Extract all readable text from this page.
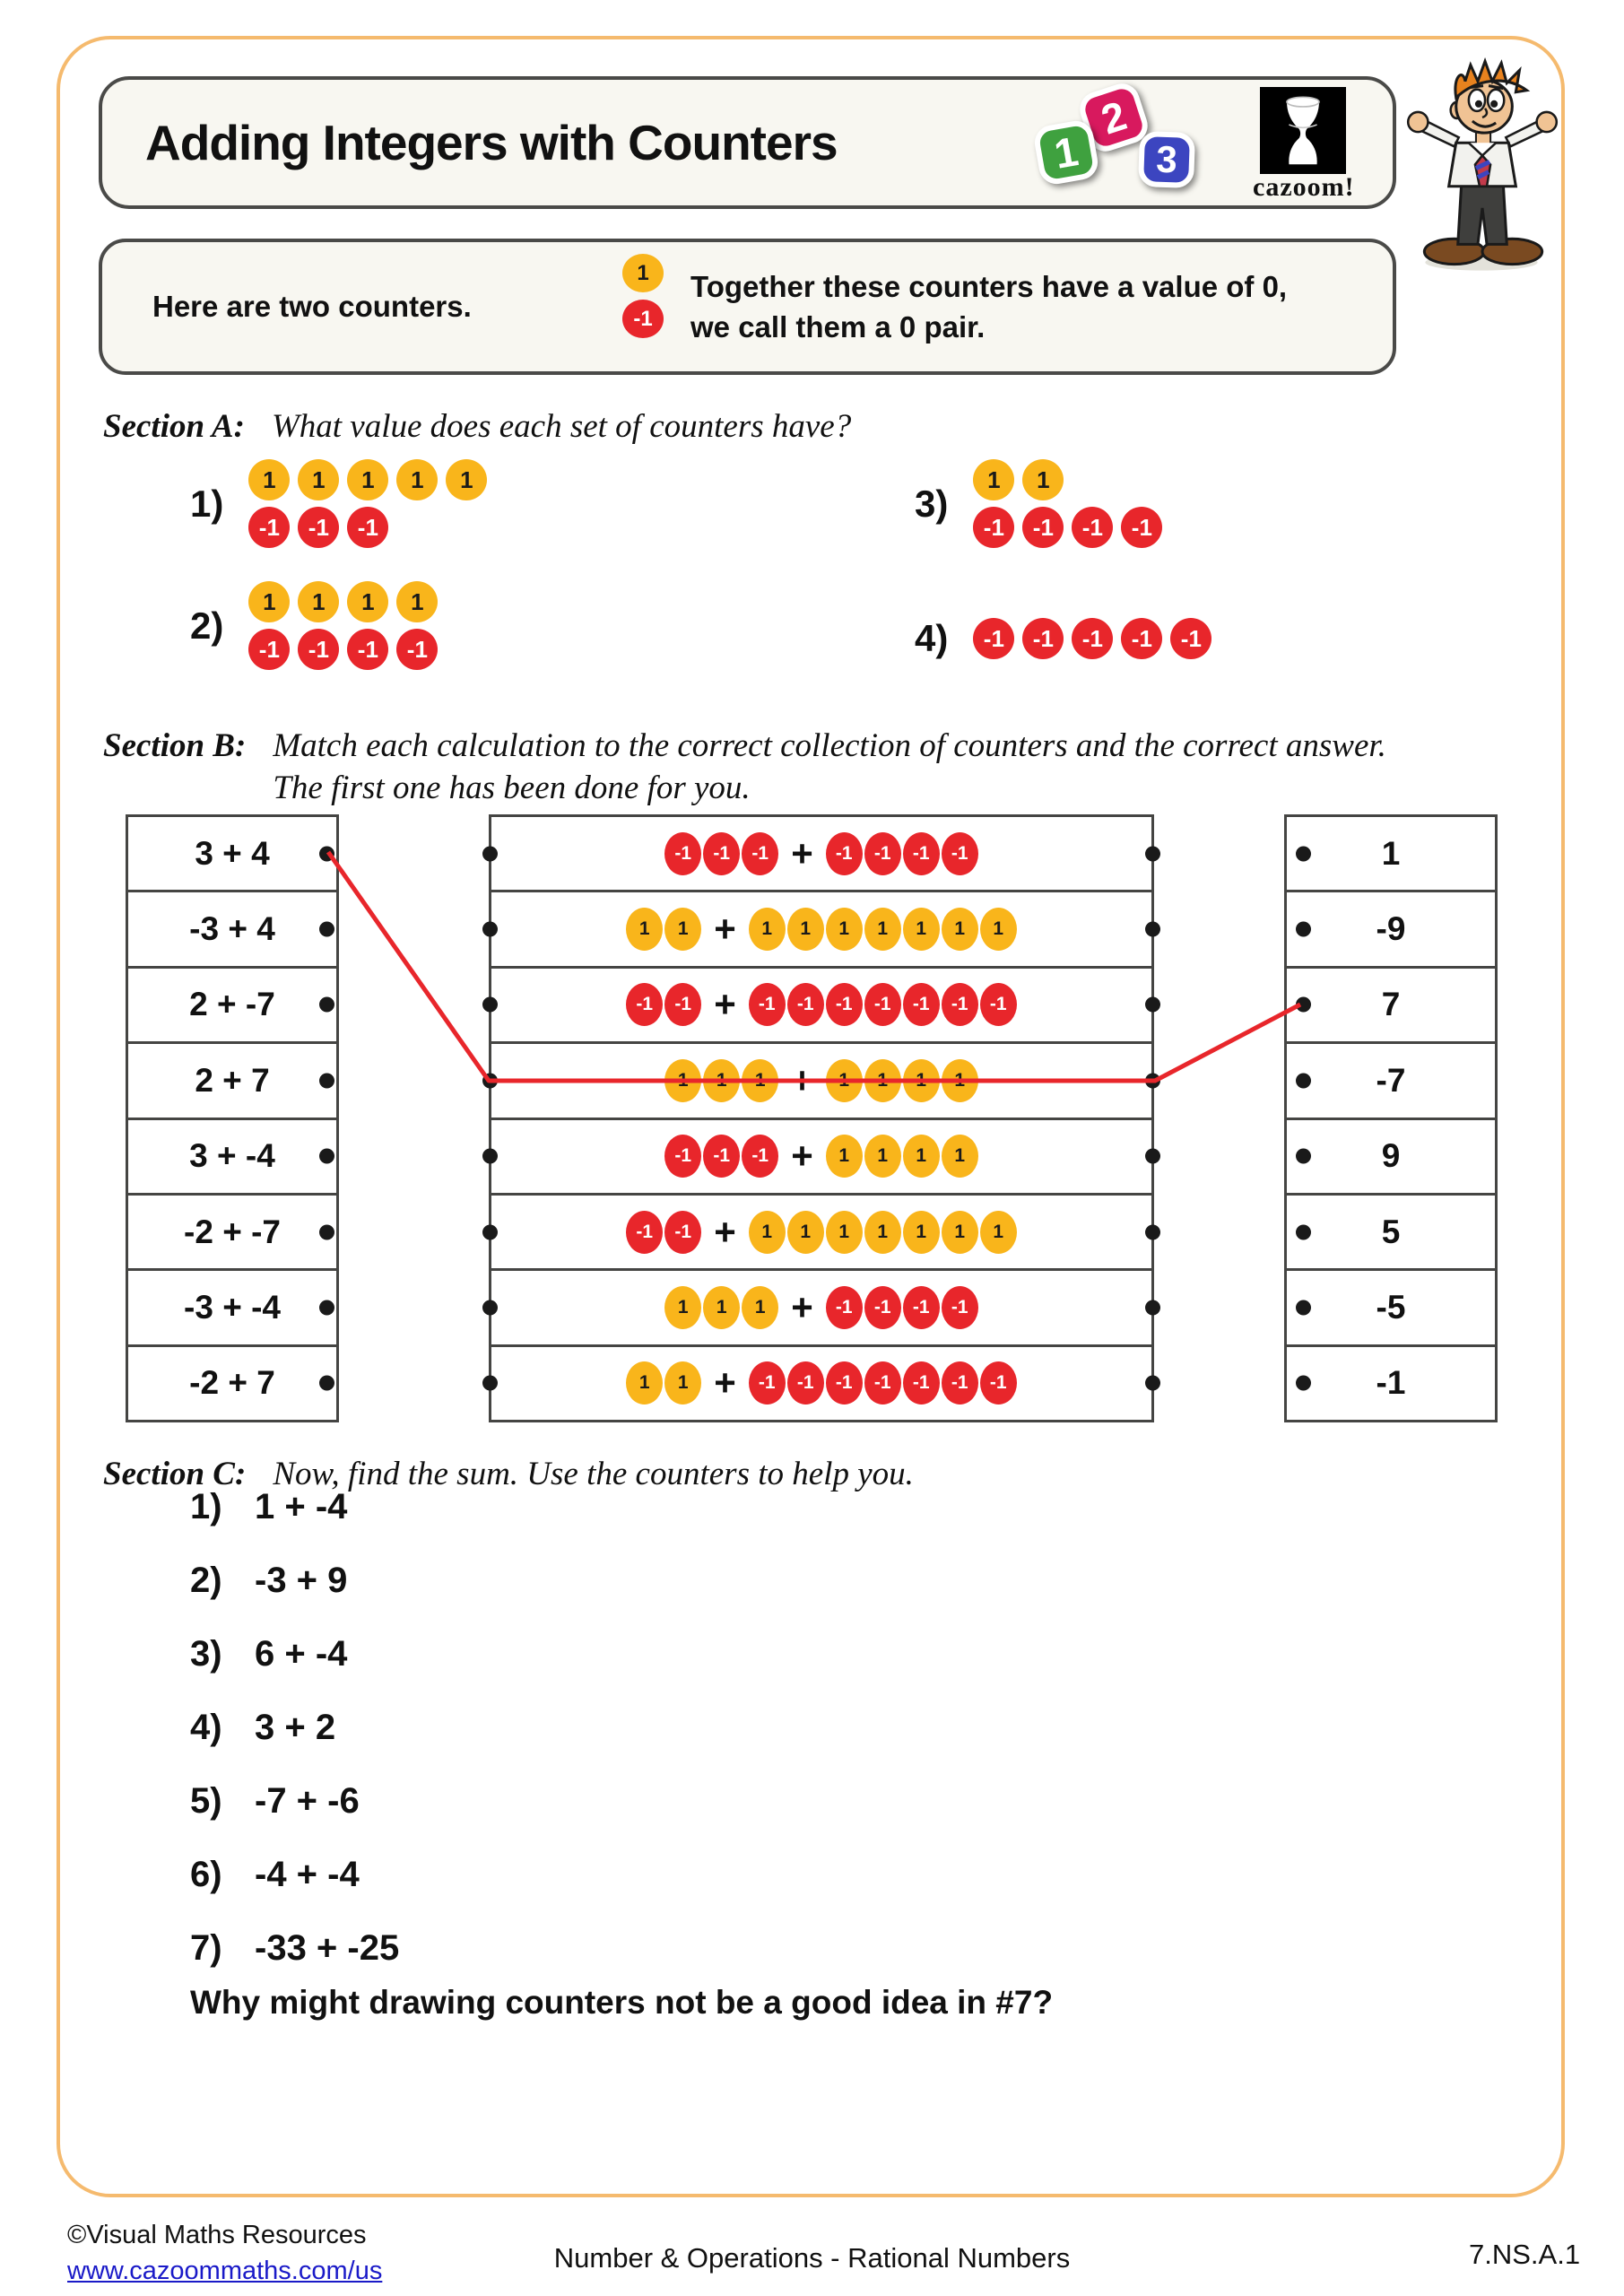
Adding Integers with Counters	2
1 3
cazoom!
Here are two counters.
1
-1
Together these counters have a value of 0,
we call them a 0 pair.
Section A: What value does each set of counters have?
1)
1	1	1	1	1
-1	-1	-1
2)
1	1	1	1
-1	-1	-1	-1
3)
1	1
-1	-1	-1	-1
4)	-1	-1	-1	-1	-1
Section B: Match each calculation to the correct collection of counters and the correct answer.
The first one has been done for you.
3 + 4
-3 + 4
2 + -7
2 + 7
3 + -4
-2 + -7
-3 + -4
-2 + 7
-1	-1	-1 +	-1	-1	-1	-1
1	1 +	1	1	1	1	1	1	1
-1	-1 +	-1	-1	-1	-1	-1	-1	-1
1	1	1 +	1	1	1	1
-1	-1	-1 +	1	1	1	1
-1	-1 +	1	1	1	1	1	1	1
1	1	1 +	-1	-1	-1	-1
1	1 +	-1	-1	-1	-1	-1	-1	-1
1
-9
7
-7
9
5
-5
-1
Section C: Now, find the sum. Use the counters to help you.
1) 1 + -4
2) -3 + 9
3) 6 + -4
4) 3 + 2
5) -7 + -6
6) -4 + -4
7) -33 + -25
Why might drawing counters not be a good idea in #7?
©Visual Maths Resources
www.cazoommaths.com/us	Number & Operations - Rational Numbers	7.NS.A.1
